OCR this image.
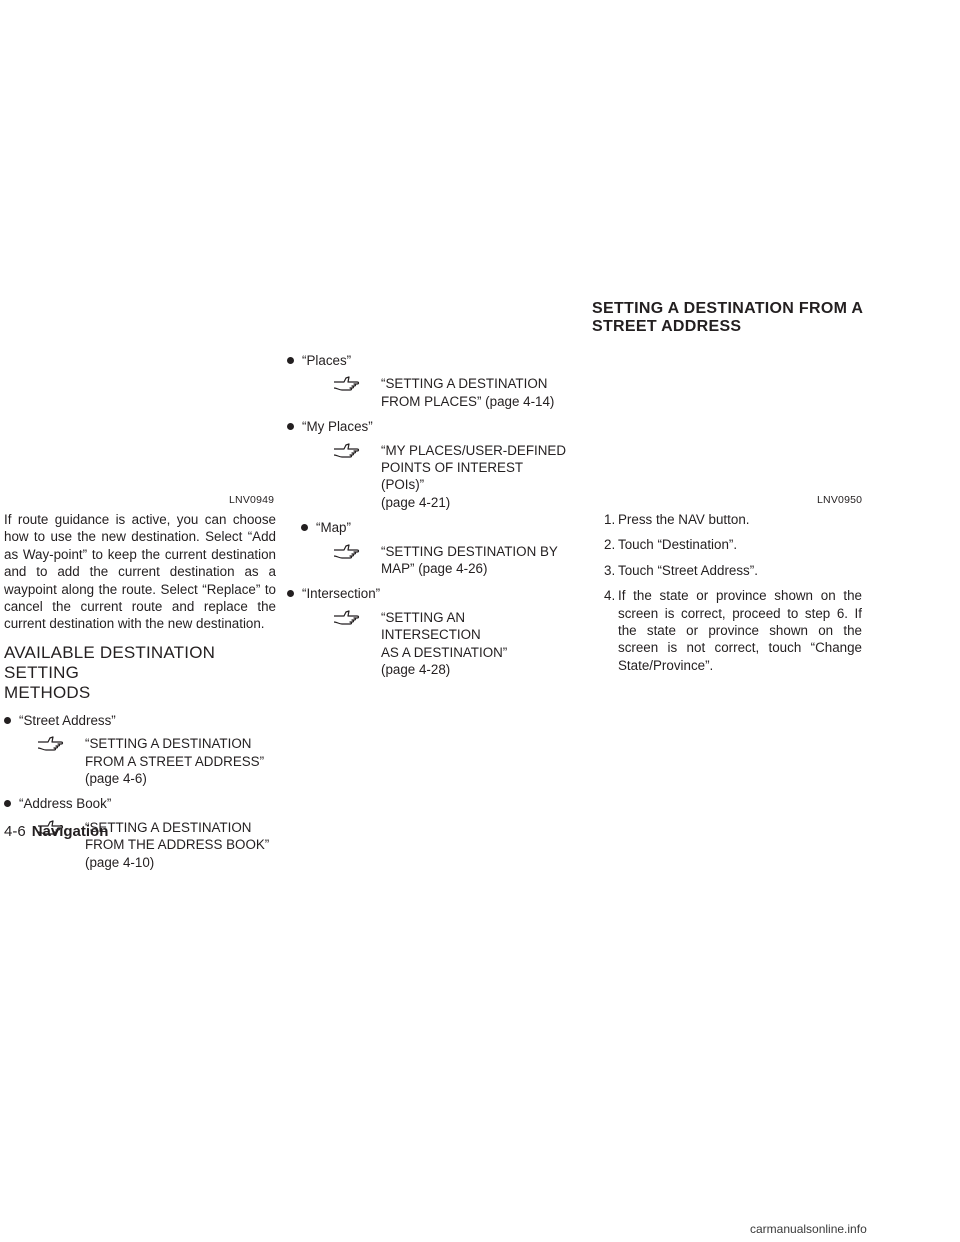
LNV0949	LNV0950

If route guidance is active, you can choose how to use the new destination. Select “Add as Way-point” to keep the current destination and to add the current destination as a waypoint along the route. Select “Replace” to cancel the current route and replace the current destination with the new destination.

AVAILABLE DESTINATION SETTING
METHODS
“Street Address”
“SETTING A DESTINATION
FROM A STREET ADDRESS”
(page 4-6)
“Address Book”
“SETTING A DESTINATION
FROM THE ADDRESS BOOK”
(page 4-10)
“Places”
“SETTING A DESTINATION
FROM PLACES” (page 4-14)
“My Places”
“MY PLACES/USER-DEFINED
POINTS OF INTEREST (POIs)”
(page 4-21)
“Map”
“SETTING DESTINATION BY
MAP” (page 4-26)
“Intersection”
“SETTING AN INTERSECTION
AS A DESTINATION”
(page 4-28)
SETTING A DESTINATION FROM A
STREET ADDRESS
1. Press the NAV button.
2. Touch “Destination”.
3. Touch “Street Address”.
4. If the state or province shown on the screen is correct, proceed to step 6. If the state or province shown on the screen is not correct, touch “Change State/Province”.
4-6 Navigation
carmanualsonline.info
